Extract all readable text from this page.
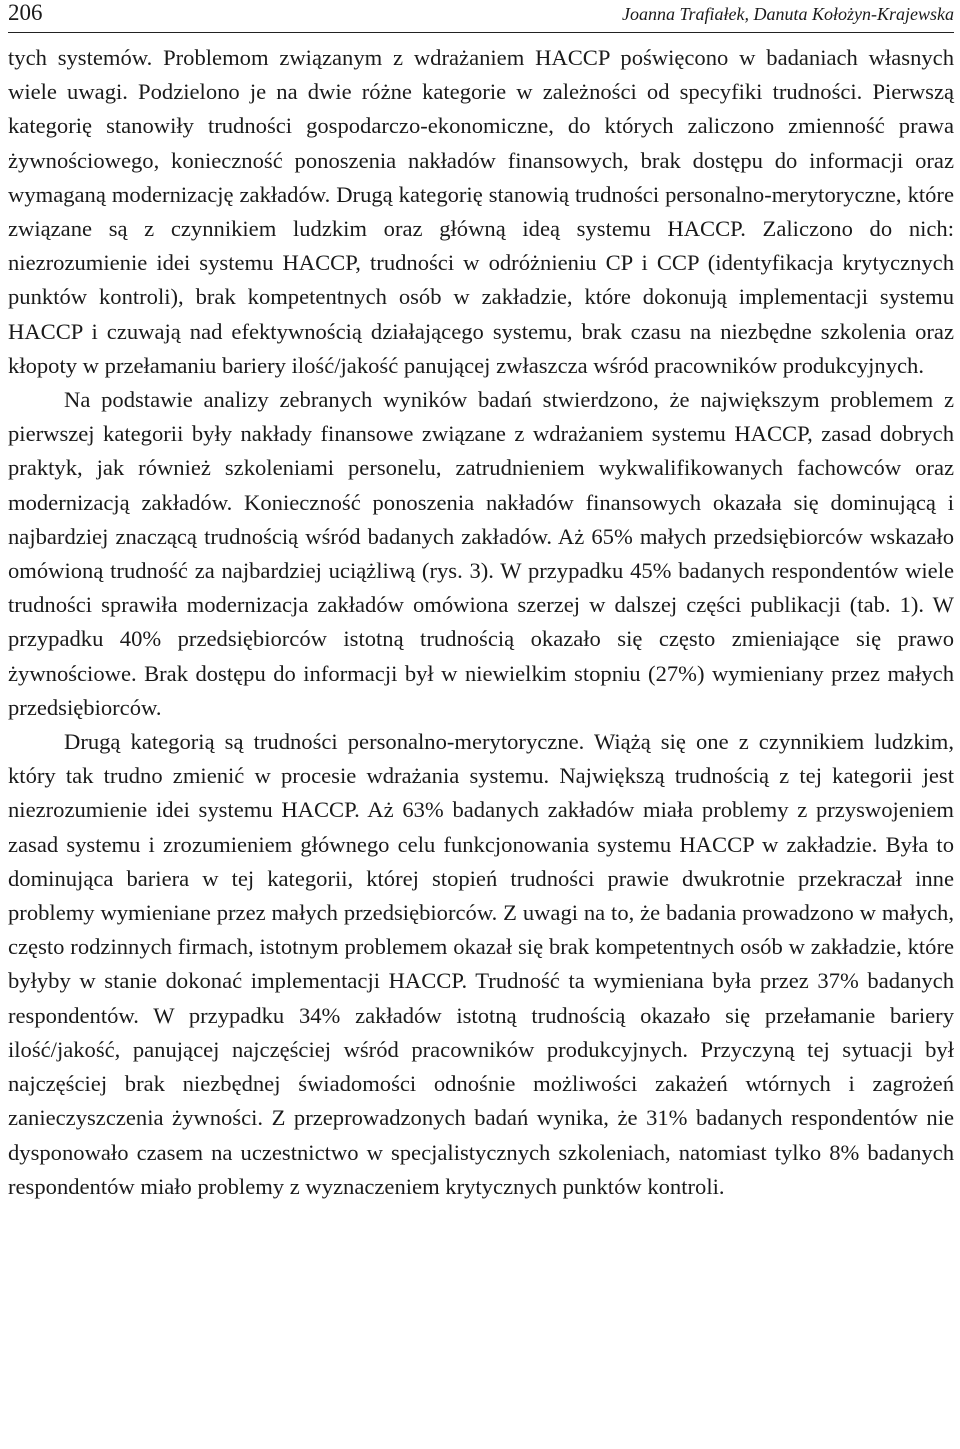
206	Joanna Trafiałek, Danuta Kołożyn-Krajewska

tych systemów. Problemom związanym z wdrażaniem HACCP poświęcono w badaniach własnych wiele uwagi. Podzielono je na dwie różne kategorie w zależności od specyfiki trudności. Pierwszą kategorię stanowiły trudności gospodarczo-ekonomiczne, do których zaliczono zmienność prawa żywnościowego, konieczność ponoszenia nakładów finansowych, brak dostępu do informacji oraz wymaganą modernizację zakładów. Drugą kategorię stanowią trudności personalno-merytoryczne, które związane są z czynnikiem ludzkim oraz główną ideą systemu HACCP. Zaliczono do nich: niezrozumienie idei systemu HACCP, trudności w odróżnieniu CP i CCP (identyfikacja krytycznych punktów kontroli), brak kompetentnych osób w zakładzie, które dokonują implementacji systemu HACCP i czuwają nad efektywnością działającego systemu, brak czasu na niezbędne szkolenia oraz kłopoty w przełamaniu bariery ilość/jakość panującej zwłaszcza wśród pracowników produkcyjnych.

Na podstawie analizy zebranych wyników badań stwierdzono, że największym problemem z pierwszej kategorii były nakłady finansowe związane z wdrażaniem systemu HACCP, zasad dobrych praktyk, jak również szkoleniami personelu, zatrudnieniem wykwalifikowanych fachowców oraz modernizacją zakładów. Konieczność ponoszenia nakładów finansowych okazała się dominującą i najbardziej znaczącą trudnością wśród badanych zakładów. Aż 65% małych przedsiębiorców wskazało omówioną trudność za najbardziej uciążliwą (rys. 3). W przypadku 45% badanych respondentów wiele trudności sprawiła modernizacja zakładów omówiona szerzej w dalszej części publikacji (tab. 1). W przypadku 40% przedsiębiorców istotną trudnością okazało się często zmieniające się prawo żywnościowe. Brak dostępu do informacji był w niewielkim stopniu (27%) wymieniany przez małych przedsiębiorców.

Drugą kategorią są trudności personalno-merytoryczne. Wiążą się one z czynnikiem ludzkim, który tak trudno zmienić w procesie wdrażania systemu. Największą trudnością z tej kategorii jest niezrozumienie idei systemu HACCP. Aż 63% badanych zakładów miała problemy z przyswojeniem zasad systemu i zrozumieniem głównego celu funkcjonowania systemu HACCP w zakładzie. Była to dominująca bariera w tej kategorii, której stopień trudności prawie dwukrotnie przekraczał inne problemy wymieniane przez małych przedsiębiorców. Z uwagi na to, że badania prowadzono w małych, często rodzinnych firmach, istotnym problemem okazał się brak kompetentnych osób w zakładzie, które byłyby w stanie dokonać implementacji HACCP. Trudność ta wymieniana była przez 37% badanych respondentów. W przypadku 34% zakładów istotną trudnością okazało się przełamanie bariery ilość/jakość, panującej najczęściej wśród pracowników produkcyjnych. Przyczyną tej sytuacji był najczęściej brak niezbędnej świadomości odnośnie możliwości zakażeń wtórnych i zagrożeń zanieczyszczenia żywności. Z przeprowadzonych badań wynika, że 31% badanych respondentów nie dysponowało czasem na uczestnictwo w specjalistycznych szkoleniach, natomiast tylko 8% badanych respondentów miało problemy z wyznaczeniem krytycznych punktów kontroli.
